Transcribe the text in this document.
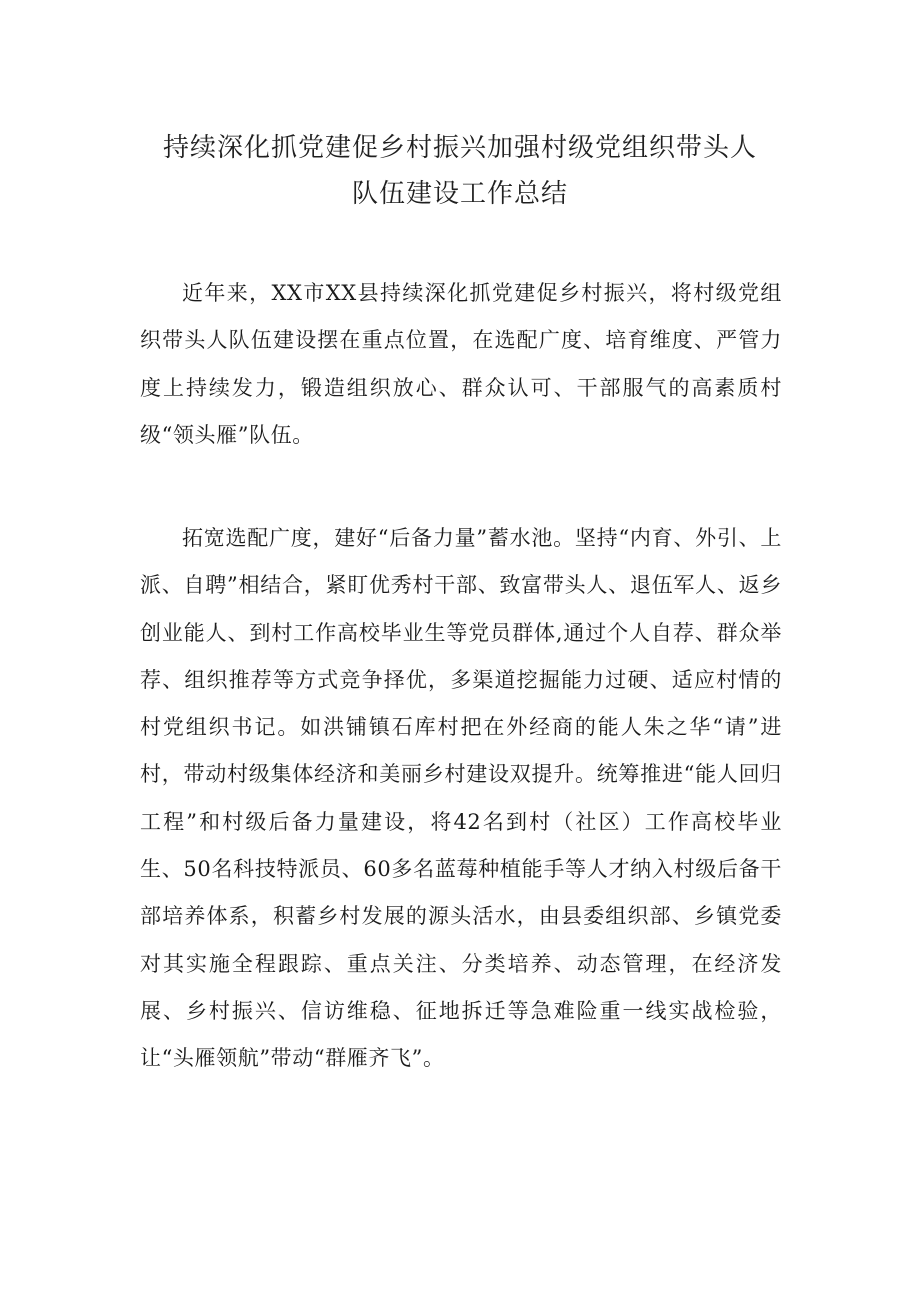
持续深化抓党建促乡村振兴加强村级党组织带头人
队伍建设工作总结

近年来，XX市XX县持续深化抓党建促乡村振兴，将村级党组织带头人队伍建设摆在重点位置，在选配广度、培育维度、严管力度上持续发力，锻造组织放心、群众认可、干部服气的高素质村级“领头雁”队伍。

拓宽选配广度，建好“后备力量”蓄水池。坚持“内育、外引、上派、自聘”相结合，紧盯优秀村干部、致富带头人、退伍军人、返乡创业能人、到村工作高校毕业生等党员群体,通过个人自荐、群众举荐、组织推荐等方式竞争择优，多渠道挖掘能力过硬、适应村情的村党组织书记。如洪铺镇石库村把在外经商的能人朱之华“请”进村，带动村级集体经济和美丽乡村建设双提升。统筹推进“能人回归工程”和村级后备力量建设，将42名到村（社区）工作高校毕业生、50名科技特派员、60多名蓝莓种植能手等人才纳入村级后备干部培养体系，积蓄乡村发展的源头活水，由县委组织部、乡镇党委对其实施全程跟踪、重点关注、分类培养、动态管理，在经济发展、乡村振兴、信访维稳、征地拆迁等急难险重一线实战检验，让“头雁领航”带动“群雁齐飞”。
